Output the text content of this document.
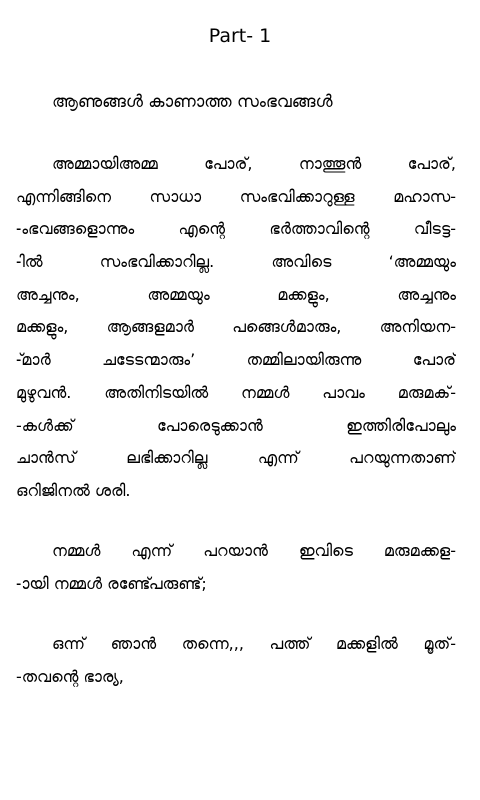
Part- 1
ആണുങ്ങൾ കാണാത്ത സംഭവങ്ങൾ
അമ്മായിഅമ്മ പോര്, നാത്തൂൻ പോര്,
എന്നിങ്ങിനെ സാധാ സംഭവിക്കാറുള്ള മഹാസ-
-ംഭവങ്ങളൊന്നും എന്റെ ഭർത്താവിന്റെ വീടട്ട-
-ിൽ സംഭവിക്കാറില്ല. അവിടെ ‘അമ്മയും
അച്ചനും, അമ്മയും മക്കളും, അച്ചനും
മക്കളും, ആങ്ങളമാർ പങ്ങെൾമാരും, അനിയന-
-്മാർ ചടേടന്മാരും’ തമ്മിലായിരുന്നു പോര്
മുഴുവൻ. അതിനിടയിൽ നമ്മൾ പാവം മരുമക്-
-കൾക്ക് പോരെടുക്കാൻ ഇത്തിരിപോലും
ചാൻസ് ലഭിക്കാറില്ല എന്ന് പറയുന്നതാണ്
ഒറിജിനൽ ശരി.
നമ്മൾ എന്ന് പറയാൻ ഇവിടെ മരുമക്കള-
-ായി നമ്മൾ രണ്ട്പേരുണ്ട്;
ഒന്ന് ഞാൻ തന്നെ,,, പത്ത് മക്കളിൽ മൂത്-
-തവന്റെ ഭാര്യ,
